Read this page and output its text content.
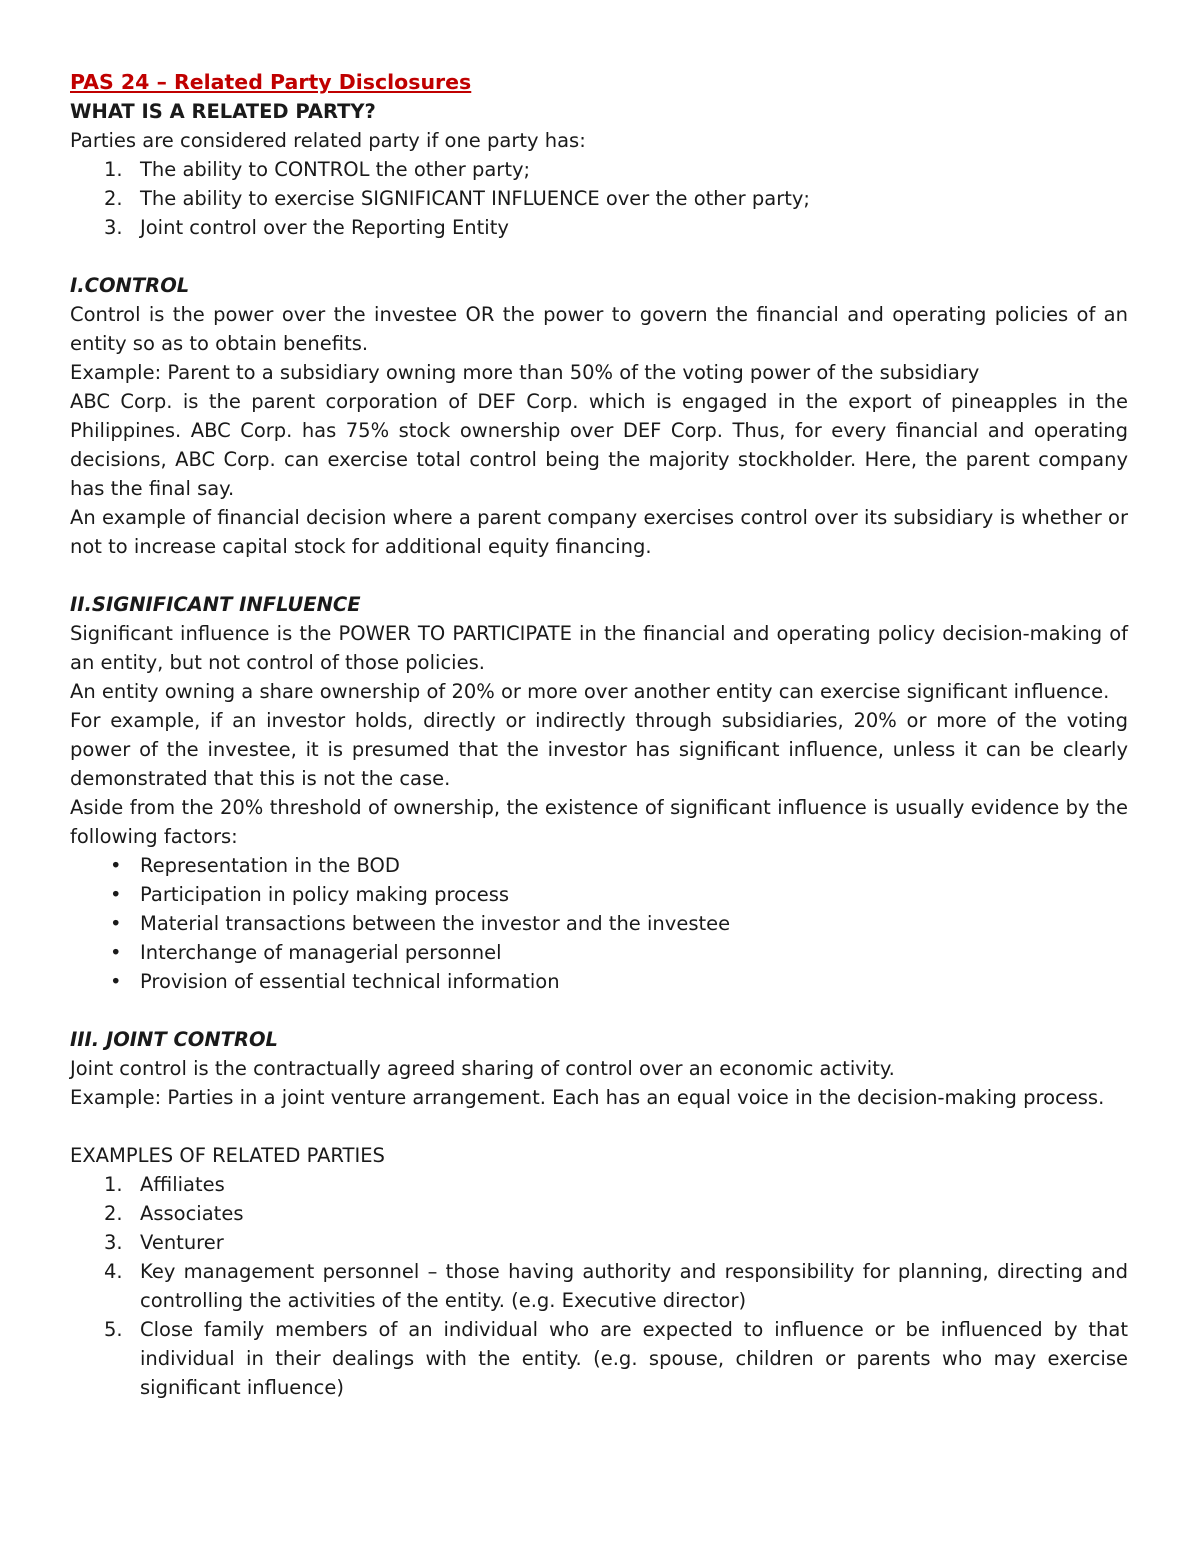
PAS 24 – Related Party Disclosures

WHAT IS A RELATED PARTY?

Parties are considered related party if one party has:

1. The ability to CONTROL the other party;
2. The ability to exercise SIGNIFICANT INFLUENCE over the other party;
3. Joint control over the Reporting Entity

I.CONTROL

Control is the power over the investee OR the power to govern the financial and operating policies of an entity so as to obtain benefits.

Example: Parent to a subsidiary owning more than 50% of the voting power of the subsidiary

ABC Corp. is the parent corporation of DEF Corp. which is engaged in the export of pineapples in the Philippines. ABC Corp. has 75% stock ownership over DEF Corp. Thus, for every financial and operating decisions, ABC Corp. can exercise total control being the majority stockholder. Here, the parent company has the final say.

An example of financial decision where a parent company exercises control over its subsidiary is whether or not to increase capital stock for additional equity financing.

II.SIGNIFICANT INFLUENCE

Significant influence is the POWER TO PARTICIPATE in the financial and operating policy decision-making of an entity, but not control of those policies.

An entity owning a share ownership of 20% or more over another entity can exercise significant influence.

For example, if an investor holds, directly or indirectly through subsidiaries, 20% or more of the voting power of the investee, it is presumed that the investor has significant influence, unless it can be clearly demonstrated that this is not the case.

Aside from the 20% threshold of ownership, the existence of significant influence is usually evidence by the following factors:

• Representation in the BOD
• Participation in policy making process
• Material transactions between the investor and the investee
• Interchange of managerial personnel
• Provision of essential technical information

III. JOINT CONTROL

Joint control is the contractually agreed sharing of control over an economic activity.

Example: Parties in a joint venture arrangement. Each has an equal voice in the decision-making process.

EXAMPLES OF RELATED PARTIES

1. Affiliates
2. Associates
3. Venturer
4. Key management personnel – those having authority and responsibility for planning, directing and controlling the activities of the entity. (e.g. Executive director)
5. Close family members of an individual who are expected to influence or be influenced by that individual in their dealings with the entity. (e.g. spouse, children or parents who may exercise significant influence)
